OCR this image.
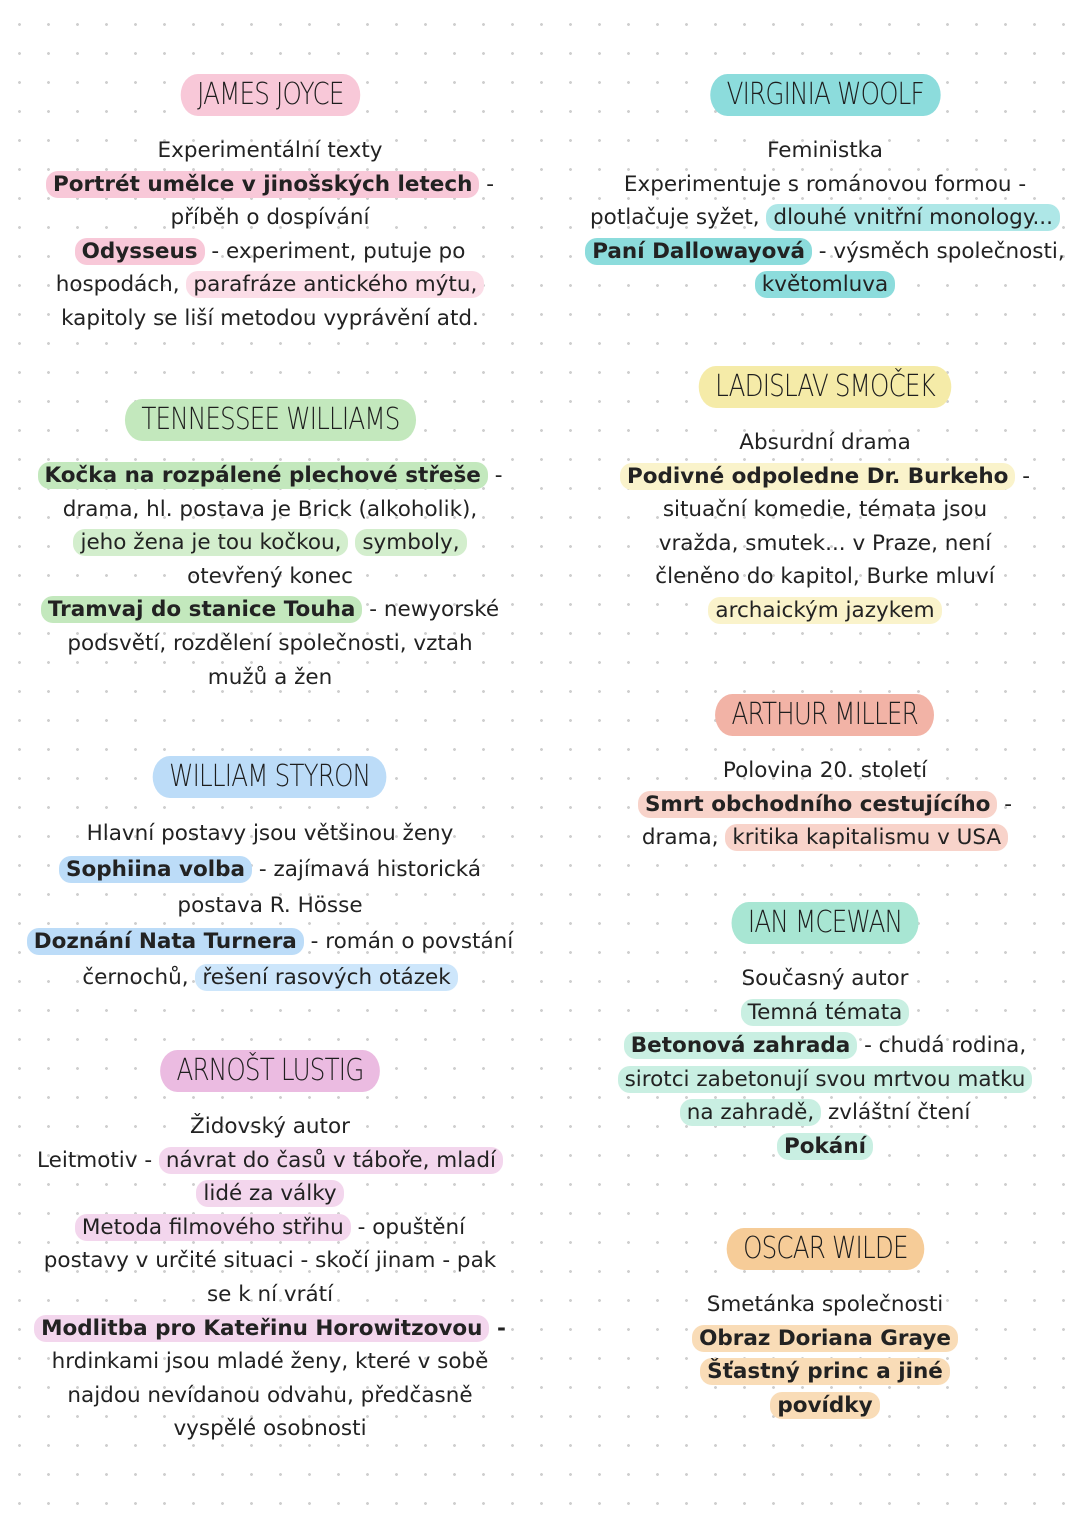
JAMES JOYCE
Experimentální texty
Portrét umělce v jinošských letech -
příběh o dospívání
Odysseus - experiment, putuje po
hospodách, parafráze antického mýtu,
kapitoly se liší metodou vyprávění atd.
TENNESSEE WILLIAMS
Kočka na rozpálené plechové střeše -
drama, hl. postava je Brick (alkoholik),
jeho žena je tou kočkou, symboly,
otevřený konec
Tramvaj do stanice Touha - newyorské
podsvětí, rozdělení společnosti, vztah
mužů a žen
WILLIAM STYRON
Hlavní postavy jsou většinou ženy
Sophiina volba - zajímavá historická
postava R. Hösse
Doznání Nata Turnera - román o povstání
černochů, řešení rasových otázek
ARNOŠT LUSTIG
Židovský autor
Leitmotiv - návrat do časů v táboře, mladí
lidé za války
Metoda filmového střihu - opuštění
postavy v určité situaci - skočí jinam - pak
se k ní vrátí
Modlitba pro Kateřinu Horowitzovou -
hrdinkami jsou mladé ženy, které v sobě
najdou nevídanou odvahu, předčasně
vyspělé osobnosti
VIRGINIA WOOLF
Feministka
Experimentuje s románovou formou -
potlačuje syžet, dlouhé vnitřní monology...
Paní Dallowayová - výsměch společnosti,
květomluva
LADISLAV SMOČEK
Absurdní drama
Podivné odpoledne Dr. Burkeho -
situační komedie, témata jsou
vražda, smutek... v Praze, není
členěno do kapitol, Burke mluví
archaickým jazykem
ARTHUR MILLER
Polovina 20. století
Smrt obchodního cestujícího -
drama, kritika kapitalismu v USA
IAN MCEWAN
Současný autor
Temná témata
Betonová zahrada - chudá rodina,
sirotci zabetonují svou mrtvou matku
na zahradě, zvláštní čtení
Pokání
OSCAR WILDE
Smetánka společnosti
Obraz Doriana Graye
Šťastný princ a jiné
povídky
